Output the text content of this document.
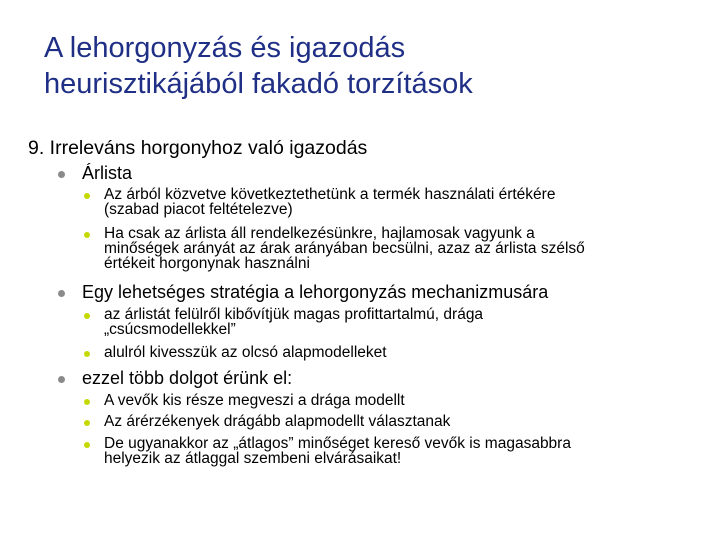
A lehorgonyzás és igazodás
heurisztikájából fakadó torzítások
9. Irreleváns horgonyhoz való igazodás
Árlista
Az árból közvetve következtethetünk a termék használati értékére
(szabad piacot feltételezve)
Ha csak az árlista áll rendelkezésünkre, hajlamosak vagyunk a
minőségek arányát az árak arányában becsülni, azaz az árlista szélső
értékeit horgonynak használni
Egy lehetséges stratégia a lehorgonyzás mechanizmusára
az árlistát felülről kibővítjük magas profittartalmú, drága
„csúcsmodellekkel”
alulról kivesszük az olcsó alapmodelleket
ezzel több dolgot érünk el:
A vevők kis része megveszi a drága modellt
Az árérzékenyek drágább alapmodellt választanak
De ugyanakkor az „átlagos” minőséget kereső vevők is magasabbra
helyezik az átlaggal szembeni elvárásaikat!
